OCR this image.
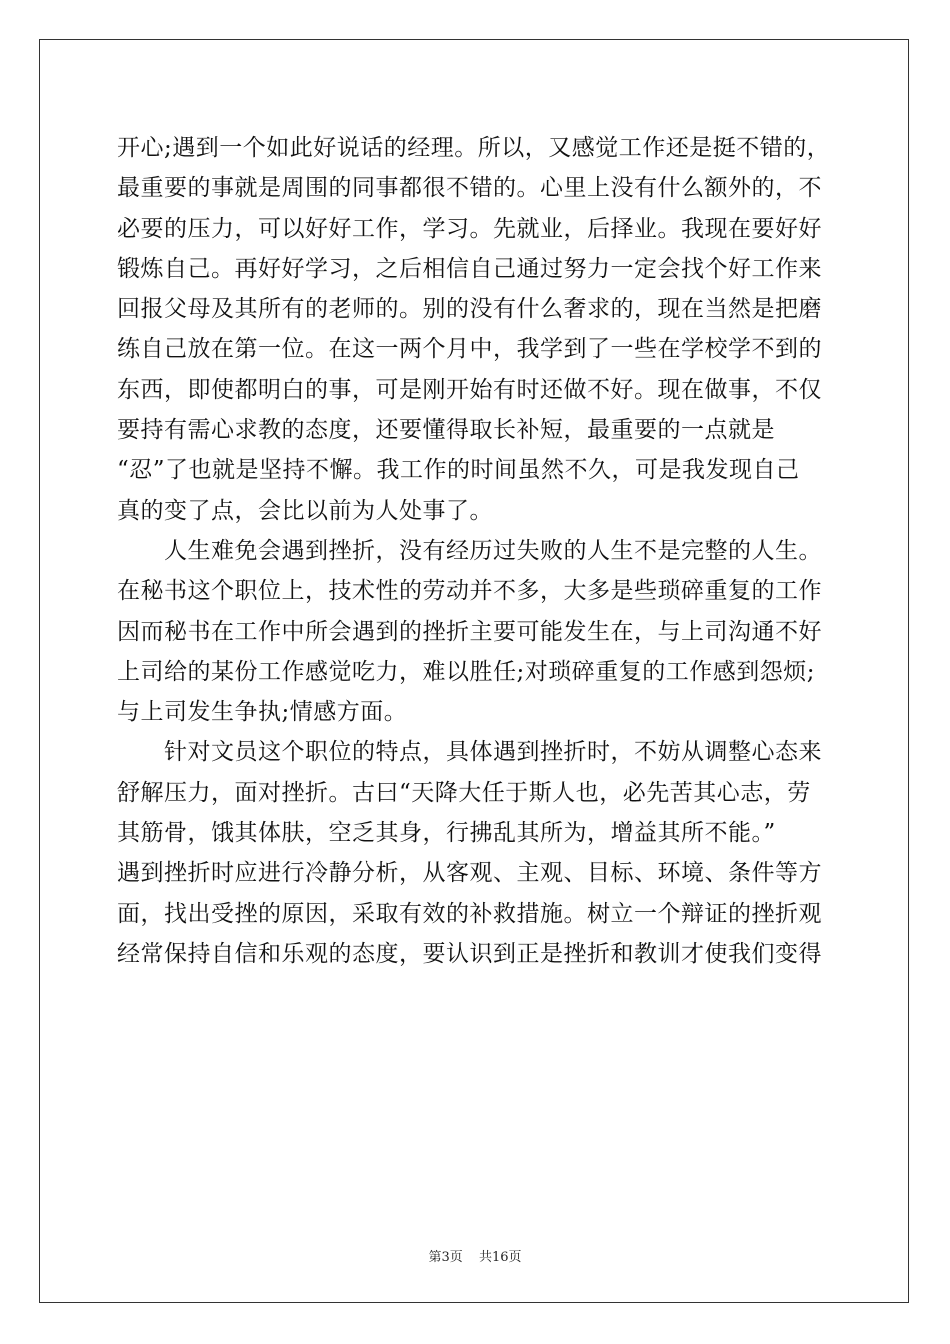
开心;遇到一个如此好说话的经理。所以，又感觉工作还是挺不错的，
最重要的事就是周围的同事都很不错的。心里上没有什么额外的，不
必要的压力，可以好好工作，学习。先就业，后择业。我现在要好好
锻炼自己。再好好学习，之后相信自己通过努力一定会找个好工作来
回报父母及其所有的老师的。别的没有什么奢求的，现在当然是把磨
练自己放在第一位。在这一两个月中，我学到了一些在学校学不到的
东西，即使都明白的事，可是刚开始有时还做不好。现在做事，不仅
要持有需心求教的态度，还要懂得取长补短，最重要的一点就是
“忍”了也就是坚持不懈。我工作的时间虽然不久，可是我发现自己
真的变了点，会比以前为人处事了。
　　人生难免会遇到挫折，没有经历过失败的人生不是完整的人生。
在秘书这个职位上，技术性的劳动并不多，大多是些琐碎重复的工作
因而秘书在工作中所会遇到的挫折主要可能发生在，与上司沟通不好
上司给的某份工作感觉吃力，难以胜任;对琐碎重复的工作感到怨烦;
与上司发生争执;情感方面。
　　针对文员这个职位的特点，具体遇到挫折时，不妨从调整心态来
舒解压力，面对挫折。古曰“天降大任于斯人也，必先苦其心志，劳
其筋骨，饿其体肤，空乏其身，行拂乱其所为，增益其所不能。”
遇到挫折时应进行冷静分析，从客观、主观、目标、环境、条件等方
面，找出受挫的原因，采取有效的补救措施。树立一个辩证的挫折观
经常保持自信和乐观的态度，要认识到正是挫折和教训才使我们变得
第3页 共16页
